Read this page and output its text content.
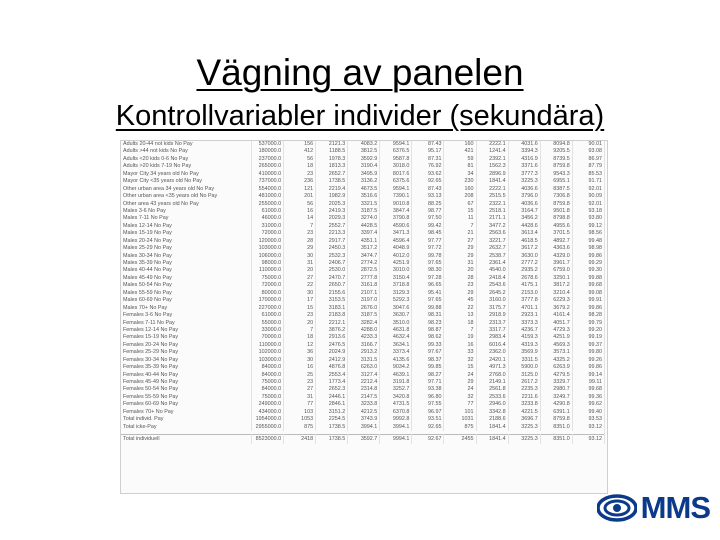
Vägning av panelen
Kontrollvariabler individer (sekundära)
Adults 20-44 not kids No Pay	537000.0	156	2121.3	4083.2	9594.1	87.43	160	2222.1	4031.6	8094.8	90.01
Adults >44 not kids No Pay	180000.0	412	1188.5	3812.5	6376.5	95.17	421	1241.4	3394.3	9205.5	93.08
Adults <20 kids 0-6 No Pay	237000.0	56	1978.3	3592.9	9587.8	87.31	59	2392.1	4316.9	8739.5	86.97
Adults >20 kids 7-19 No Pay	265000.0	18	1813.3	3190.4	3018.0	76.92	81	1562.3	3371.6	8759.8	87.79
Mayor City 34 years old No Pay	410000.0	23	2652.7	3495.9	8017.6	93.62	34	2896.9	3777.3	9543.3	85.53
Mayor City <35 years old No Pay	737000.0	236	1738.5	3136.2	6375.6	92.65	230	1841.4	3225.3	6955.1	91.71
Other urban area 34 years old No Pay	554000.0	121	2219.4	4673.5	9594.1	87.43	160	2222.1	4036.6	8387.5	92.01
Other urban area <35 years old No Pay	481000.0	201	1982.9	3516.6	7390.1	93.13	208	2515.5	3796.0	7306.8	90.09
Other area 43 years old No Pay	255000.0	56	2025.3	3321.5	9010.8	88.25	67	2322.1	4036.6	8759.8	92.01
Males 3-6 No Pay	61000.0	16	2419.3	3187.5	3847.4	98.77	15	2518.1	3164.7	9501.8	93.18
Males 7-11 No Pay	46000.0	14	2029.3	3274.0	3790.8	97.50	11	2171.1	3456.2	8798.8	93.80
Males 12-14 No Pay	31000.0	7	2552.7	4428.5	4590.6	99.42	7	3477.2	4428.6	4955.6	99.12
Males 15-19 No Pay	72000.0	23	2213.3	3397.4	3471.3	98.45	21	2563.6	3613.4	3701.5	98.56
Males 20-24 No Pay	120000.0	28	2917.7	4351.1	4596.4	97.77	27	3221.7	4618.5	4892.7	99.48
Males 25-29 No Pay	103000.0	29	2450.3	3517.2	4048.9	97.72	29	2632.7	3617.2	4363.6	98.98
Males 30-34 No Pay	106000.0	30	2532.3	3474.7	4012.0	99.78	29	2538.7	3630.0	4329.0	99.86
Males 35-39 No Pay	98000.0	31	2406.7	2774.2	4251.9	97.65	31	2361.4	2777.2	3961.7	99.29
Males 40-44 No Pay	110000.0	20	2530.0	2872.5	3010.0	98.30	20	4540.0	2935.2	6759.0	99.30
Males 45-49 No Pay	75000.0	27	2470.7	2777.8	3150.4	97.28	28	2418.4	2678.6	3250.1	99.88
Males 50-54 No Pay	72000.0	22	2650.7	3161.8	3718.8	96.65	23	2543.6	4175.1	3817.2	99.68
Males 55-59 No Pay	80000.0	30	2155.6	2107.1	3129.3	95.41	29	2645.2	2153.0	3210.4	99.08
Males 60-69 No Pay	170000.0	17	3153.5	3197.0	5292.3	97.65	45	3160.0	3777.8	6229.3	99.91
Males 70+ No Pay	227000.0	15	3183.1	2676.0	3047.6	99.88	22	3175.7	4701.1	3679.2	99.86
Females 3-6 No Pay	61000.0	23	2183.8	3187.5	3630.7	98.31	13	2918.9	2923.1	4161.4	98.28
Females 7-11 No Pay	55000.0	20	2212.1	3282.4	3510.0	98.23	18	2313.7	3373.3	4051.7	99.79
Females 12-14 No Pay	33000.0	7	3876.2	4288.0	4631.8	98.87	7	3317.7	4236.7	4729.3	99.20
Females 15-19 No Pay	70000.0	18	2913.6	4233.3	4632.4	98.62	19	2983.4	4159.3	4251.9	99.19
Females 20-24 No Pay	110000.0	12	2476.5	3166.7	3634.1	99.33	16	6016.4	4319.3	4569.3	99.37
Females 25-29 No Pay	102000.0	36	2024.9	2913.2	3373.4	97.67	33	2362.0	3569.9	3573.1	99.80
Females 30-34 No Pay	103000.0	30	2412.9	3131.5	4135.6	98.37	32	2420.1	3311.5	4325.2	99.26
Females 35-39 No Pay	84000.0	16	4876.8	6263.0	9034.2	99.85	15	4971.3	5900.0	6263.9	99.86
Females 40-44 No Pay	84000.0	25	2553.4	3127.4	4639.1	98.27	24	2768.0	3125.0	4279.5	99.14
Females 45-49 No Pay	75000.0	23	1773.4	2212.4	3191.8	97.71	29	2149.1	2617.2	3329.7	99.11
Females 50-54 No Pay	84000.0	27	2652.3	2314.8	3252.7	93.38	24	2561.8	2235.3	2980.7	99.68
Females 55-59 No Pay	75000.0	31	2446.1	2147.5	3420.8	96.80	32	2533.6	2211.6	3249.7	99.36
Females 60-69 No Pay	249000.0	77	2846.1	3233.8	4731.5	97.55	77	2946.0	3233.8	4290.8	99.62
Females 70+ No Pay	434000.0	103	3151.2	4212.5	6370.8	96.97	101	3342.8	4221.5	6391.1	99.40
Total individ. Pay	1954000.0	1053	2254.5	3743.9	9992.8	93.51	1031	2188.6	3696.7	8759.8	93.53
Total icke-Pay	2955000.0	875	1738.5	3994.1	3994.1	92.65	875	1841.4	3225.3	8351.0	93.12

Total individuell	8523000.0	2418	1738.5	3592.7	9994.1	92.67	2455	1841.4	3225.3	8351.0	93.12
MMS
